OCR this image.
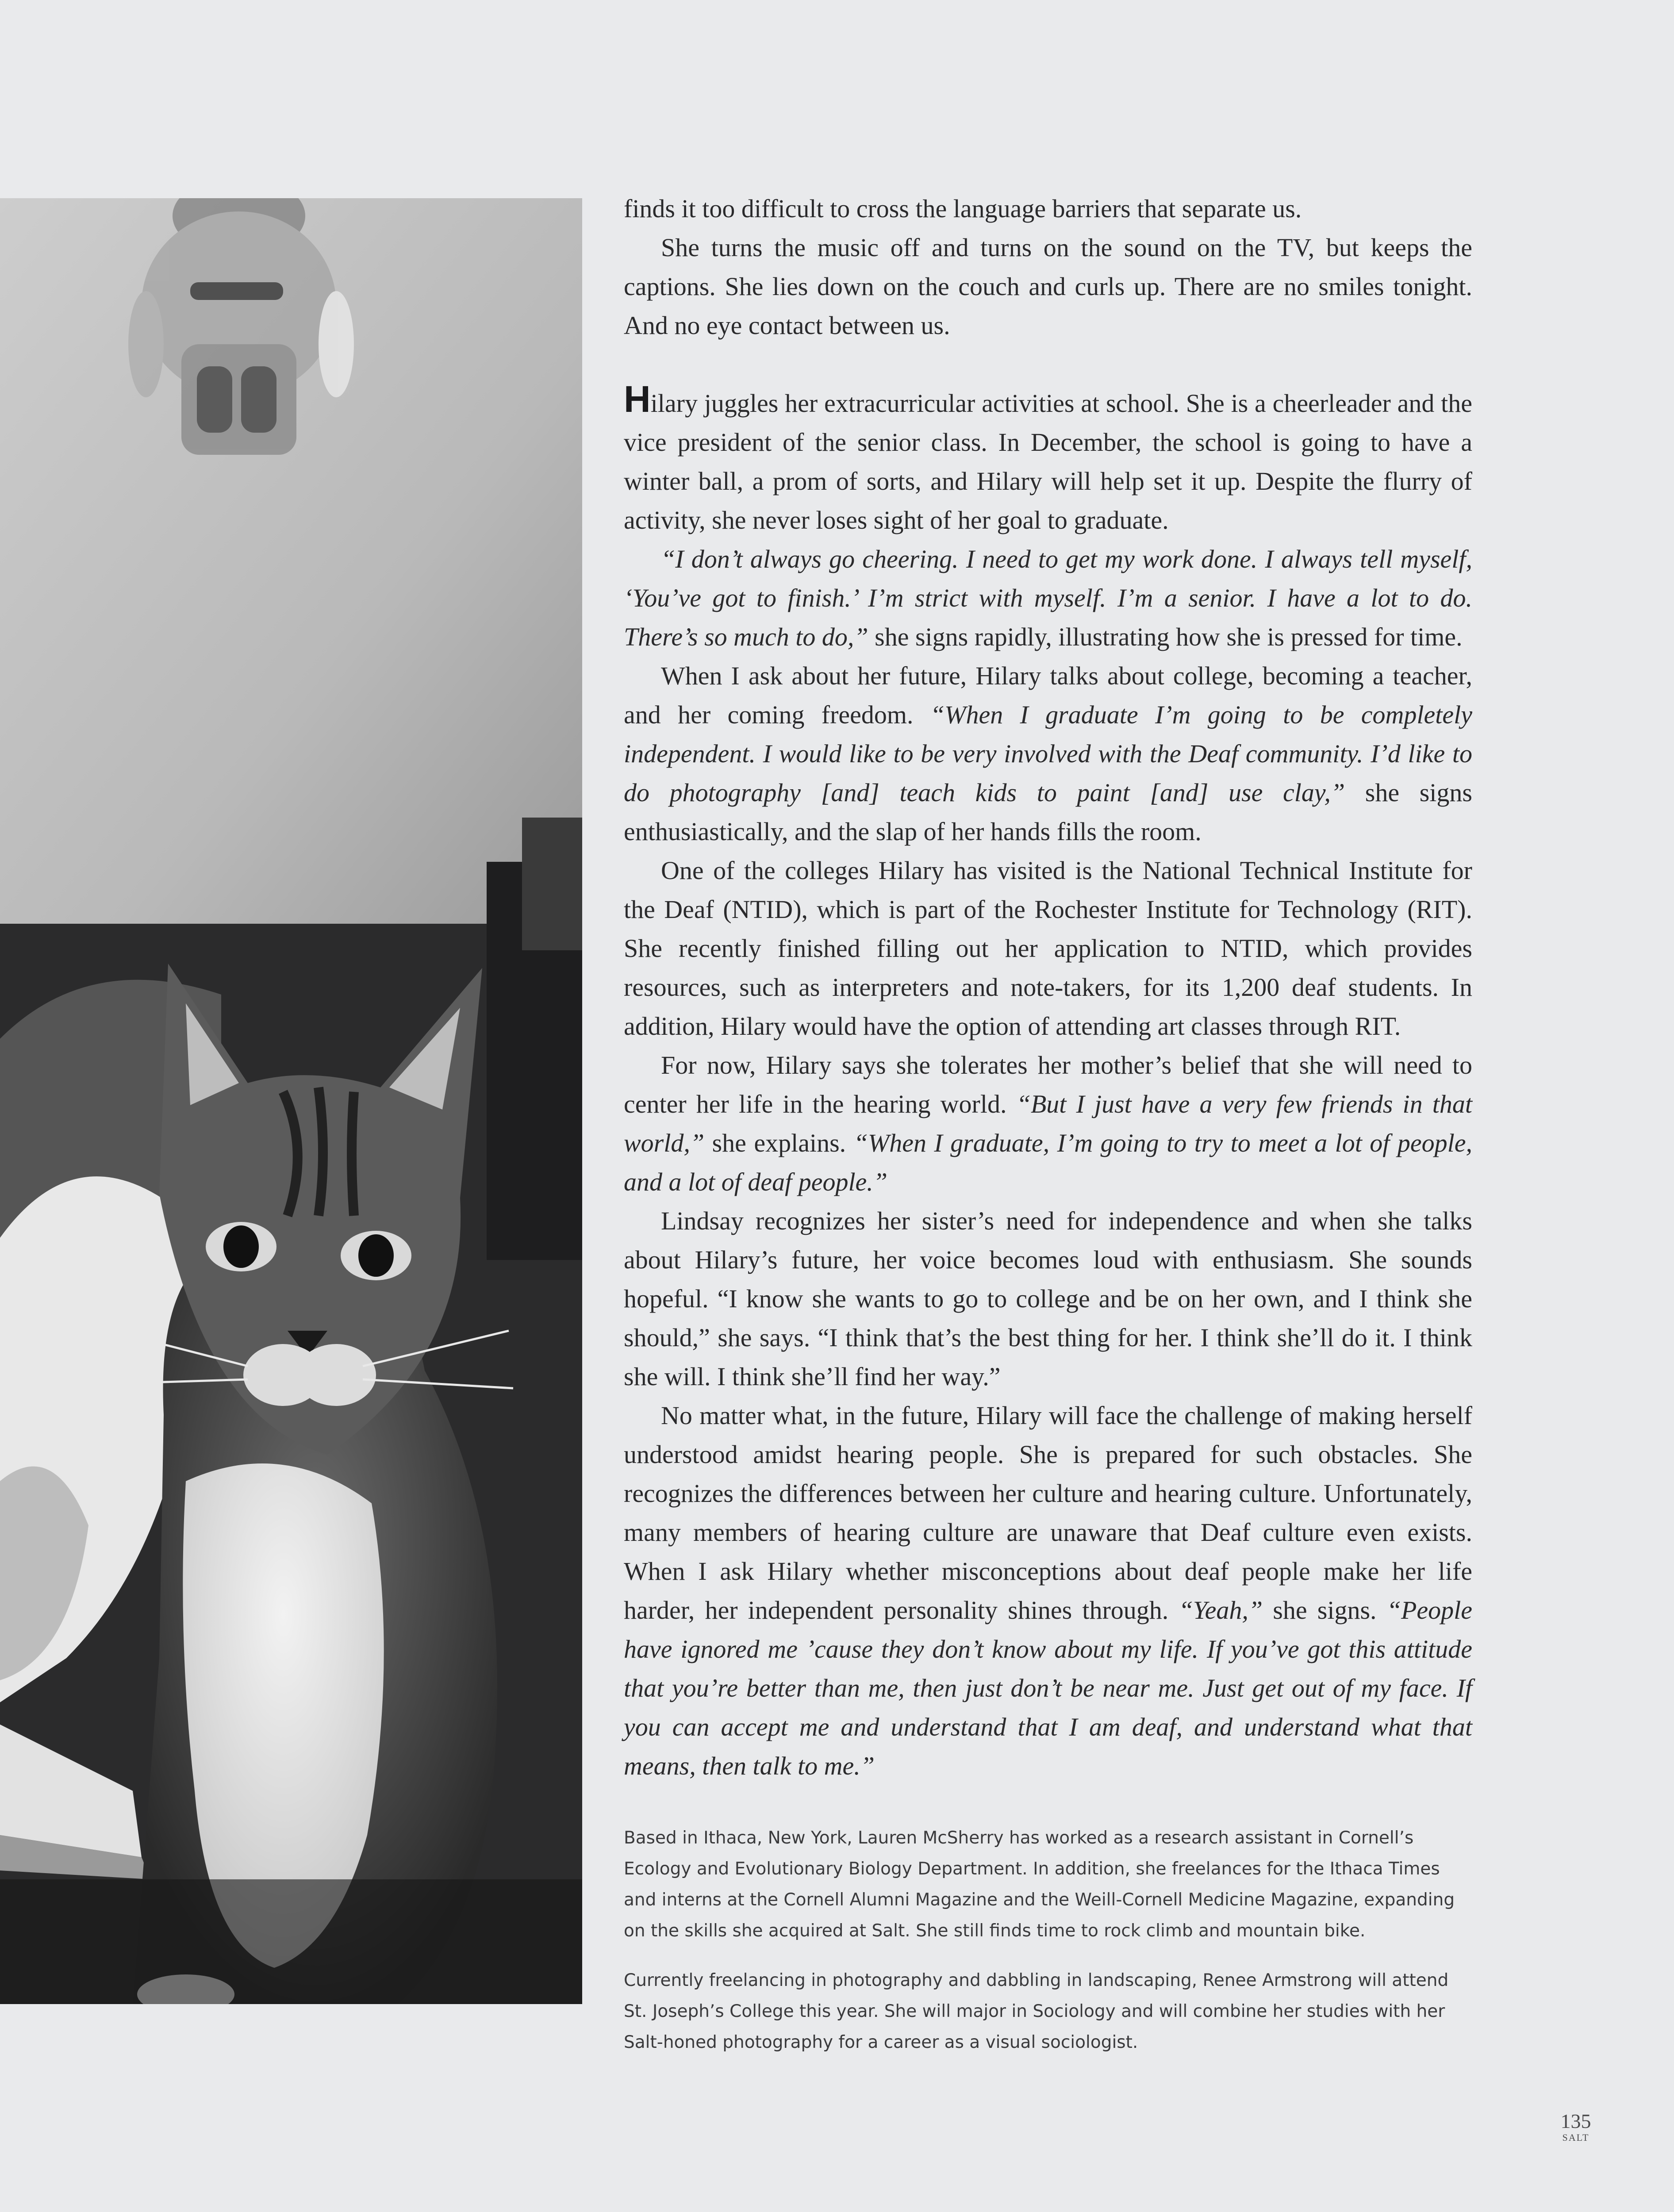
finds it too difficult to cross the language barriers that separate us.

She turns the music off and turns on the sound on the TV, but keeps the captions. She lies down on the couch and curls up. There are no smiles tonight. And no eye contact between us.

Hilary juggles her extracurricular activities at school. She is a cheerleader and the vice president of the senior class. In December, the school is going to have a winter ball, a prom of sorts, and Hilary will help set it up. Despite the flurry of activity, she never loses sight of her goal to graduate.

“I don’t always go cheering. I need to get my work done. I always tell myself, ‘You’ve got to finish.’ I’m strict with myself. I’m a senior. I have a lot to do. There’s so much to do,” she signs rapidly, illustrating how she is pressed for time.

When I ask about her future, Hilary talks about college, becoming a teacher, and her coming freedom. “When I graduate I’m going to be completely independent. I would like to be very involved with the Deaf community. I’d like to do photography [and] teach kids to paint [and] use clay,” she signs enthusiastically, and the slap of her hands fills the room.

One of the colleges Hilary has visited is the National Technical Institute for the Deaf (NTID), which is part of the Rochester Institute for Technology (RIT). She recently finished filling out her application to NTID, which provides resources, such as interpreters and note-takers, for its 1,200 deaf students. In addition, Hilary would have the option of attending art classes through RIT.

For now, Hilary says she tolerates her mother’s belief that she will need to center her life in the hearing world. “But I just have a very few friends in that world,” she explains. “When I graduate, I’m going to try to meet a lot of people, and a lot of deaf people.”

Lindsay recognizes her sister’s need for independence and when she talks about Hilary’s future, her voice becomes loud with enthusiasm. She sounds hopeful. “I know she wants to go to college and be on her own, and I think she should,” she says. “I think that’s the best thing for her. I think she’ll do it. I think she will. I think she’ll find her way.”

No matter what, in the future, Hilary will face the challenge of making herself understood amidst hearing people. She is prepared for such obstacles. She recognizes the differences between her culture and hearing culture. Unfortunately, many members of hearing culture are unaware that Deaf culture even exists. When I ask Hilary whether misconceptions about deaf people make her life harder, her independent personality shines through. “Yeah,” she signs. “People have ignored me ’cause they don’t know about my life. If you’ve got this attitude that you’re better than me, then just don’t be near me. Just get out of my face. If you can accept me and understand that I am deaf, and understand what that means, then talk to me.”

Based in Ithaca, New York, Lauren McSherry has worked as a research assistant in Cornell’s Ecology and Evolutionary Biology Department. In addition, she freelances for the Ithaca Times and interns at the Cornell Alumni Magazine and the Weill-Cornell Medicine Magazine, expanding on the skills she acquired at Salt. She still finds time to rock climb and mountain bike.

Currently freelancing in photography and dabbling in landscaping, Renee Armstrong will attend St. Joseph’s College this year. She will major in Sociology and will combine her studies with her Salt-honed photography for a career as a visual sociologist.

135
SALT
